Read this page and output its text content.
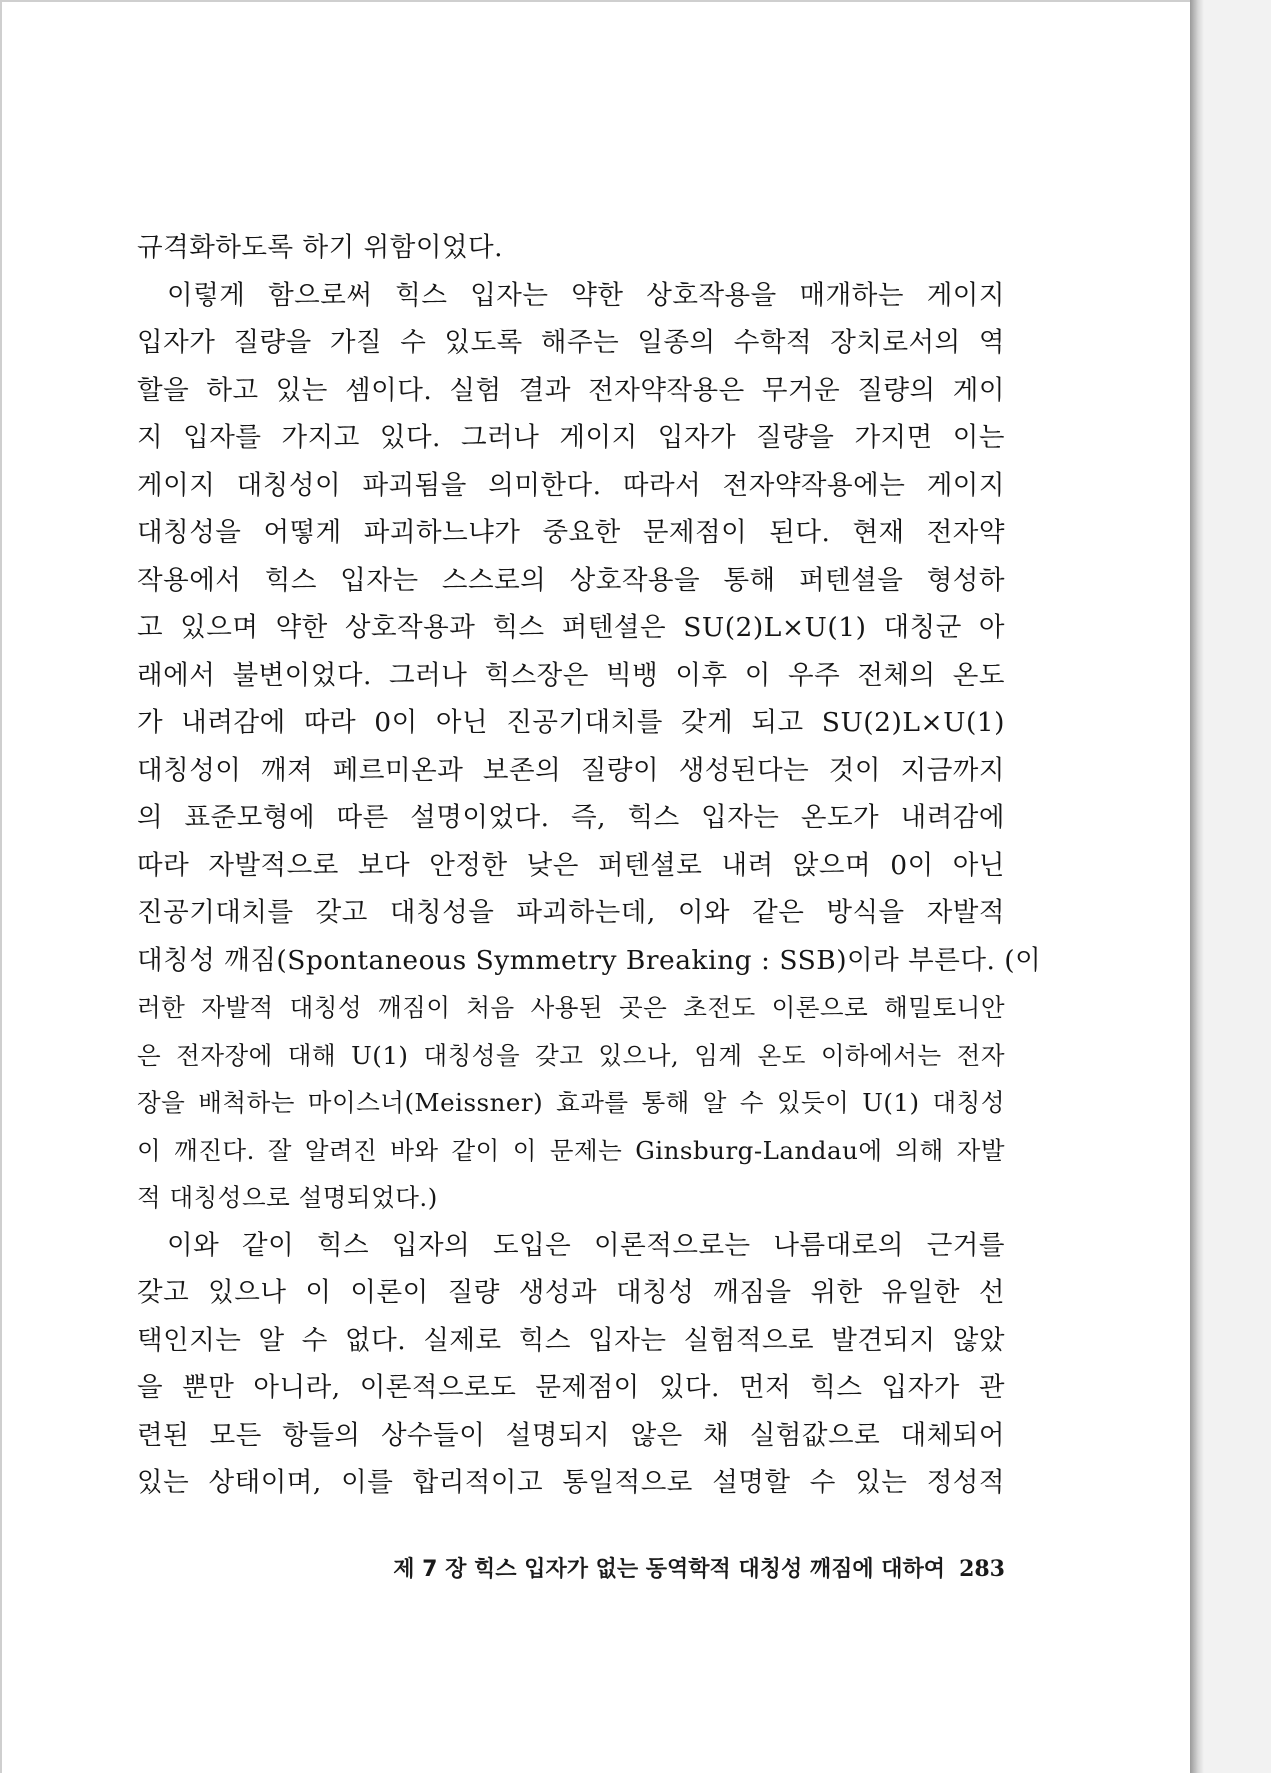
규격화하도록 하기 위함이었다.
이렇게 함으로써 힉스 입자는 약한 상호작용을 매개하는 게이지
입자가 질량을 가질 수 있도록 해주는 일종의 수학적 장치로서의 역
할을 하고 있는 셈이다. 실험 결과 전자약작용은 무거운 질량의 게이
지 입자를 가지고 있다. 그러나 게이지 입자가 질량을 가지면 이는
게이지 대칭성이 파괴됨을 의미한다. 따라서 전자약작용에는 게이지
대칭성을 어떻게 파괴하느냐가 중요한 문제점이 된다. 현재 전자약
작용에서 힉스 입자는 스스로의 상호작용을 통해 퍼텐셜을 형성하
고 있으며 약한 상호작용과 힉스 퍼텐셜은 SU(2)L×U(1) 대칭군 아
래에서 불변이었다. 그러나 힉스장은 빅뱅 이후 이 우주 전체의 온도
가 내려감에 따라 0이 아닌 진공기대치를 갖게 되고 SU(2)L×U(1)
대칭성이 깨져 페르미온과 보존의 질량이 생성된다는 것이 지금까지
의 표준모형에 따른 설명이었다. 즉, 힉스 입자는 온도가 내려감에
따라 자발적으로 보다 안정한 낮은 퍼텐셜로 내려 앉으며 0이 아닌
진공기대치를 갖고 대칭성을 파괴하는데, 이와 같은 방식을 자발적
대칭성 깨짐(Spontaneous Symmetry Breaking : SSB)이라 부른다. (이
러한 자발적 대칭성 깨짐이 처음 사용된 곳은 초전도 이론으로 해밀토니안
은 전자장에 대해 U(1) 대칭성을 갖고 있으나, 임계 온도 이하에서는 전자
장을 배척하는 마이스너(Meissner) 효과를 통해 알 수 있듯이 U(1) 대칭성
이 깨진다. 잘 알려진 바와 같이 이 문제는 Ginsburg-Landau에 의해 자발
적 대칭성으로 설명되었다.)
이와 같이 힉스 입자의 도입은 이론적으로는 나름대로의 근거를
갖고 있으나 이 이론이 질량 생성과 대칭성 깨짐을 위한 유일한 선
택인지는 알 수 없다. 실제로 힉스 입자는 실험적으로 발견되지 않았
을 뿐만 아니라, 이론적으로도 문제점이 있다. 먼저 힉스 입자가 관
련된 모든 항들의 상수들이 설명되지 않은 채 실험값으로 대체되어
있는 상태이며, 이를 합리적이고 통일적으로 설명할 수 있는 정성적
제 7 장 힉스 입자가 없는 동역학적 대칭성 깨짐에 대하여 283
